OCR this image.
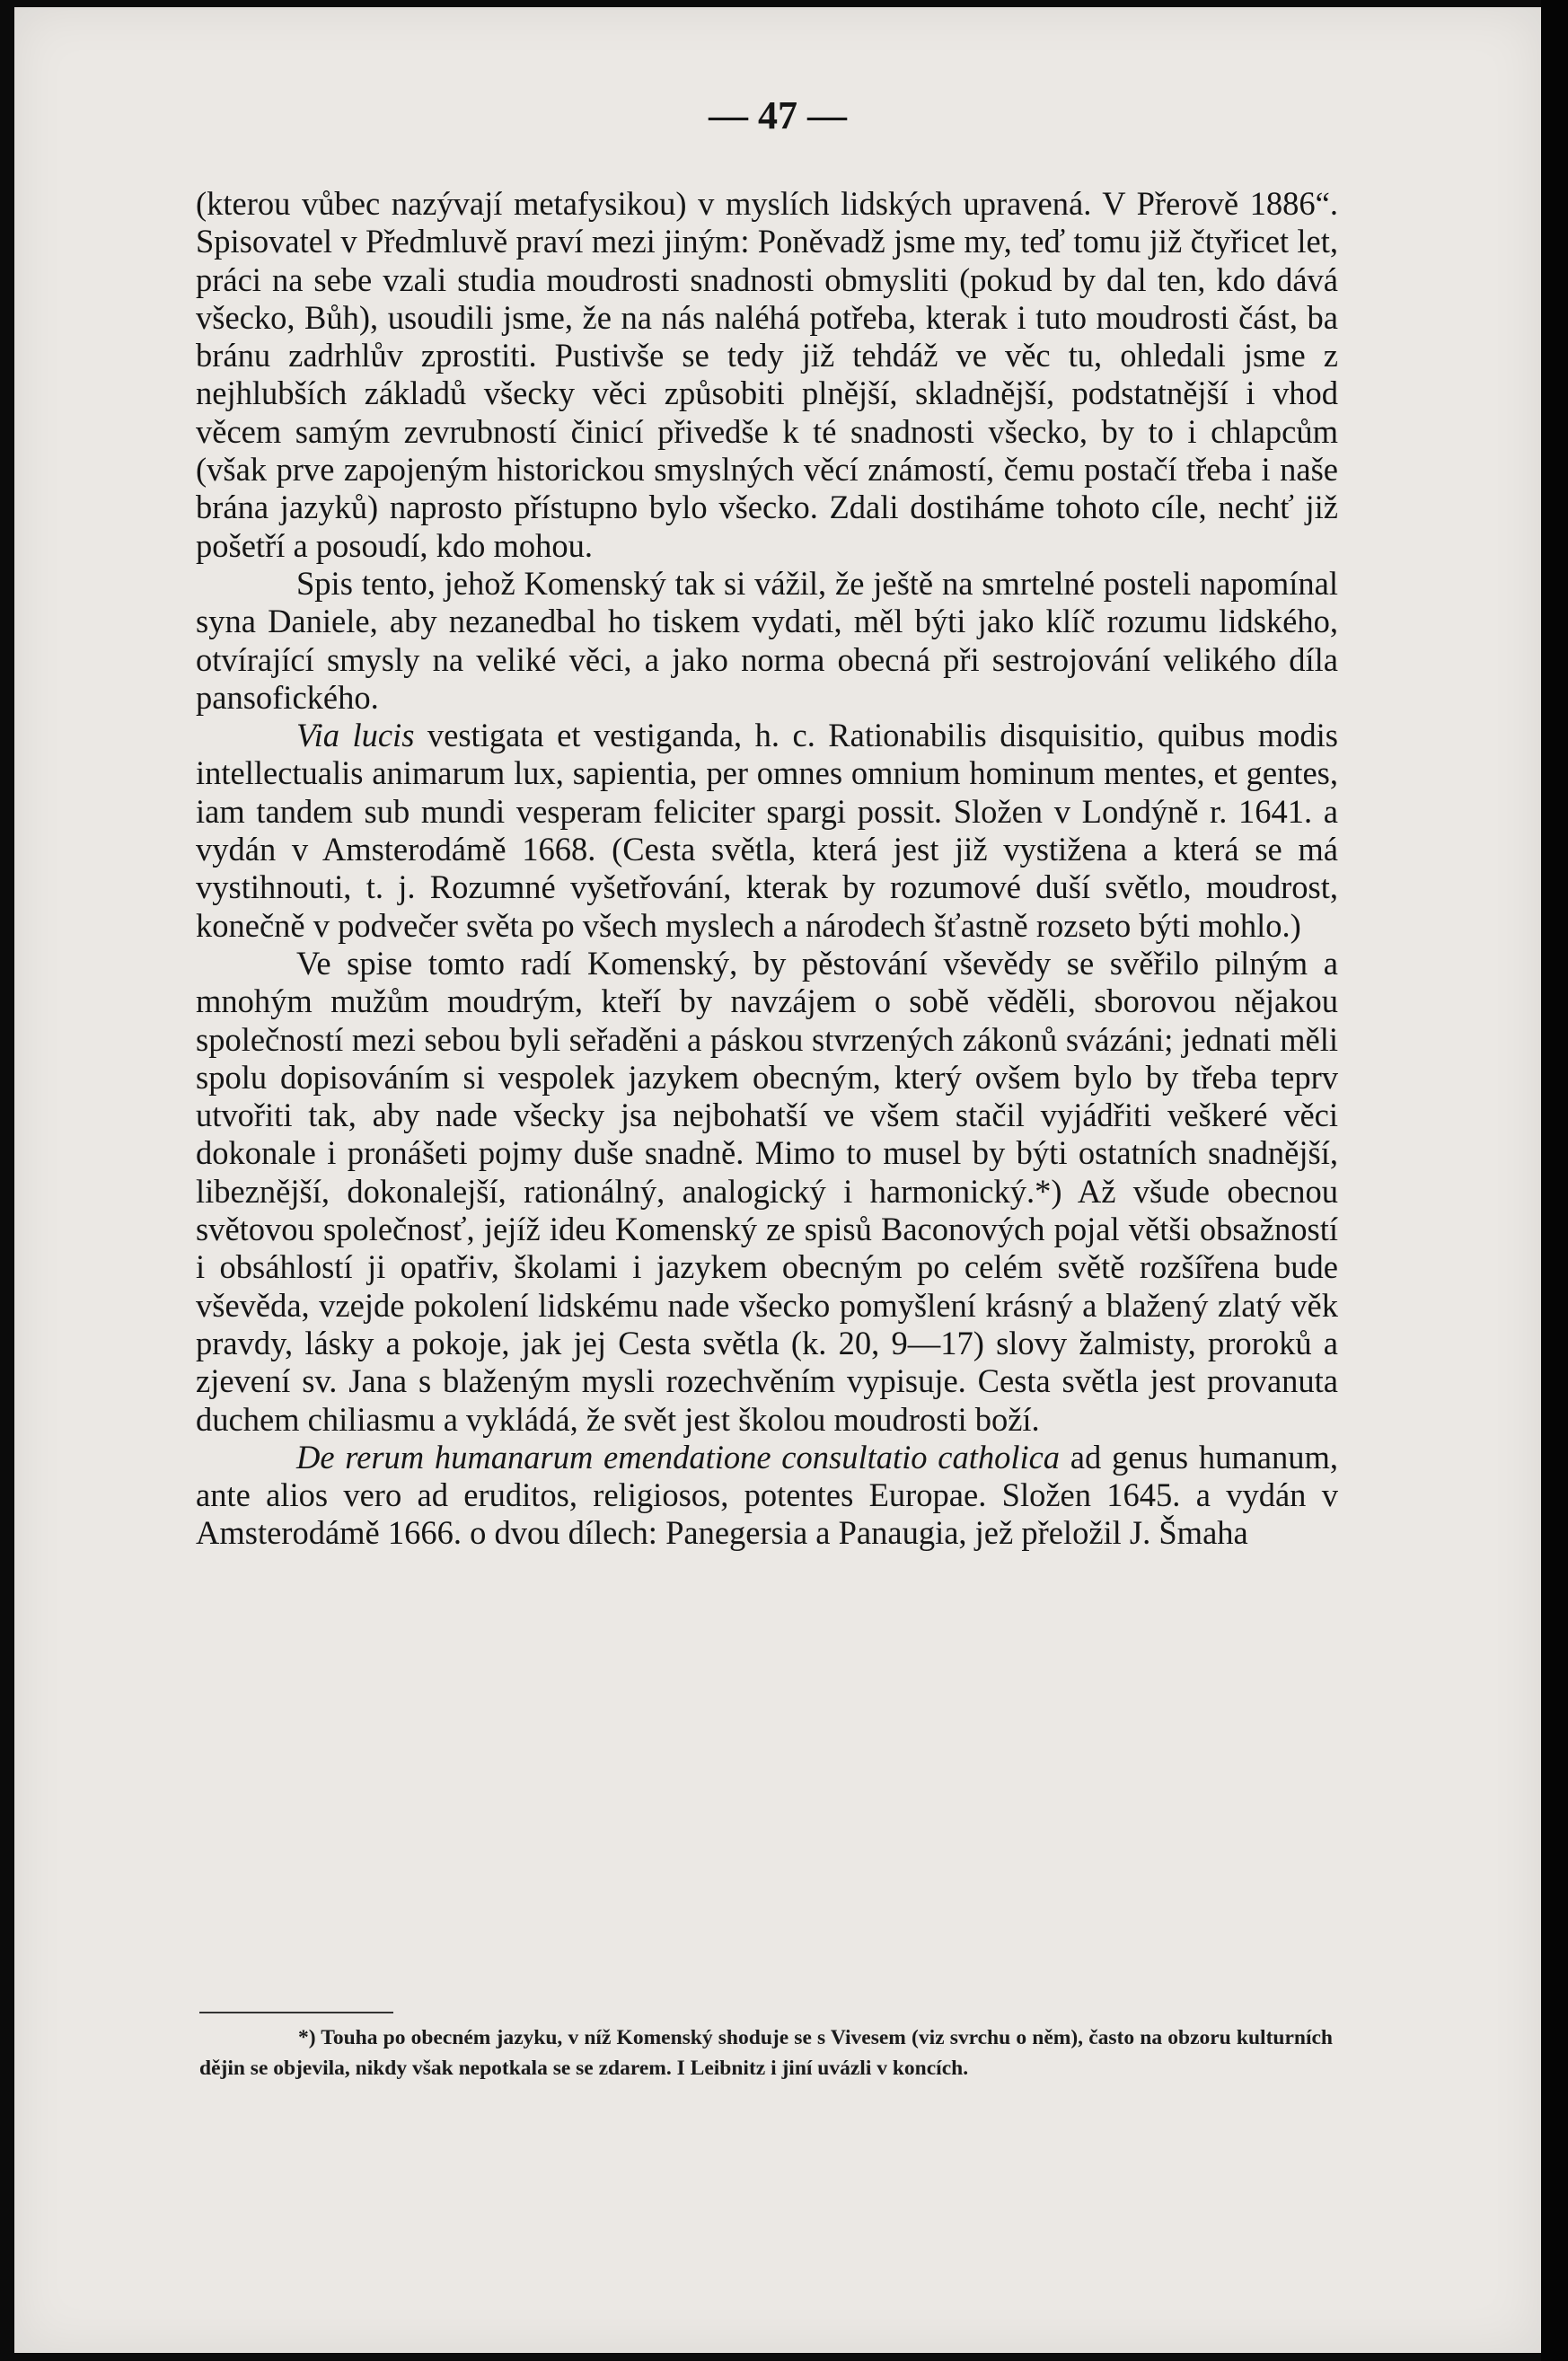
— 47 —

(kterou vůbec nazývají metafysikou) v myslích lidských upravená. V Přerově 1886“. Spisovatel v Předmluvě praví mezi jiným: Poněvadž jsme my, teď tomu již čtyřicet let, práci na sebe vzali studia moudrosti snadnosti obmysliti (pokud by dal ten, kdo dává všecko, Bůh), usoudili jsme, že na nás naléhá potřeba, kterak i tuto moudrosti část, ba bránu zadrhlův zprostiti. Pustivše se tedy již tehdáž ve věc tu, ohledali jsme z nejhlubších základů všecky věci způsobiti plnější, skladnější, podstatnější i vhod věcem samým zevrubností činicí přivedše k té snadnosti všecko, by to i chlapcům (však prve zapojeným historickou smyslných věcí známostí, čemu postačí třeba i naše brána jazyků) naprosto přístupno bylo všecko. Zdali dostiháme tohoto cíle, nechť již pošetří a posoudí, kdo mohou.

Spis tento, jehož Komenský tak si vážil, že ještě na smrtelné posteli napomínal syna Daniele, aby nezanedbal ho tiskem vydati, měl býti jako klíč rozumu lidského, otvírající smysly na veliké věci, a jako norma obecná při sestrojování velikého díla pansofického.

Via lucis vestigata et vestiganda, h. c. Rationabilis disquisitio, quibus modis intellectualis animarum lux, sapientia, per omnes omnium hominum mentes, et gentes, iam tandem sub mundi vesperam feliciter spargi possit. Složen v Londýně r. 1641. a vydán v Amsterodámě 1668. (Cesta světla, která jest již vystižena a která se má vystihnouti, t. j. Rozumné vyšetřování, kterak by rozumové duší světlo, moudrost, konečně v podvečer světa po všech myslech a národech šťastně rozseto býti mohlo.)

Ve spise tomto radí Komenský, by pěstování vševědy se svěřilo pilným a mnohým mužům moudrým, kteří by navzájem o sobě věděli, sborovou nějakou společností mezi sebou byli seřaděni a páskou stvrzených zákonů svázáni; jednati měli spolu dopisováním si vespolek jazykem obecným, který ovšem bylo by třeba teprv utvořiti tak, aby nade všecky jsa nejbohatší ve všem stačil vyjádřiti veškeré věci dokonale i pronášeti pojmy duše snadně. Mimo to musel by býti ostatních snadnější, libeznější, dokonalejší, rationálný, analogický i harmonický.*) Až všude obecnou světovou společnosť, jejíž ideu Komenský ze spisů Baconových pojal větši obsažností i obsáhlostí ji opatřiv, školami i jazykem obecným po celém světě rozšířena bude vševěda, vzejde pokolení lidskému nade všecko pomyšlení krásný a blažený zlatý věk pravdy, lásky a pokoje, jak jej Cesta světla (k. 20, 9—17) slovy žalmisty, proroků a zjevení sv. Jana s blaženým mysli rozechvěním vypisuje. Cesta světla jest provanuta duchem chiliasmu a vykládá, že svět jest školou moudrosti boží.

De rerum humanarum emendatione consultatio catholica ad genus humanum, ante alios vero ad eruditos, religiosos, potentes Europae. Složen 1645. a vydán v Amsterodámě 1666. o dvou dílech: Panegersia a Panaugia, jež přeložil J. Šmaha

*) Touha po obecném jazyku, v níž Komenský shoduje se s Vivesem (viz svrchu o něm), často na obzoru kulturních dějin se objevila, nikdy však nepotkala se se zdarem. I Leibnitz i jiní uvázli v koncích.
